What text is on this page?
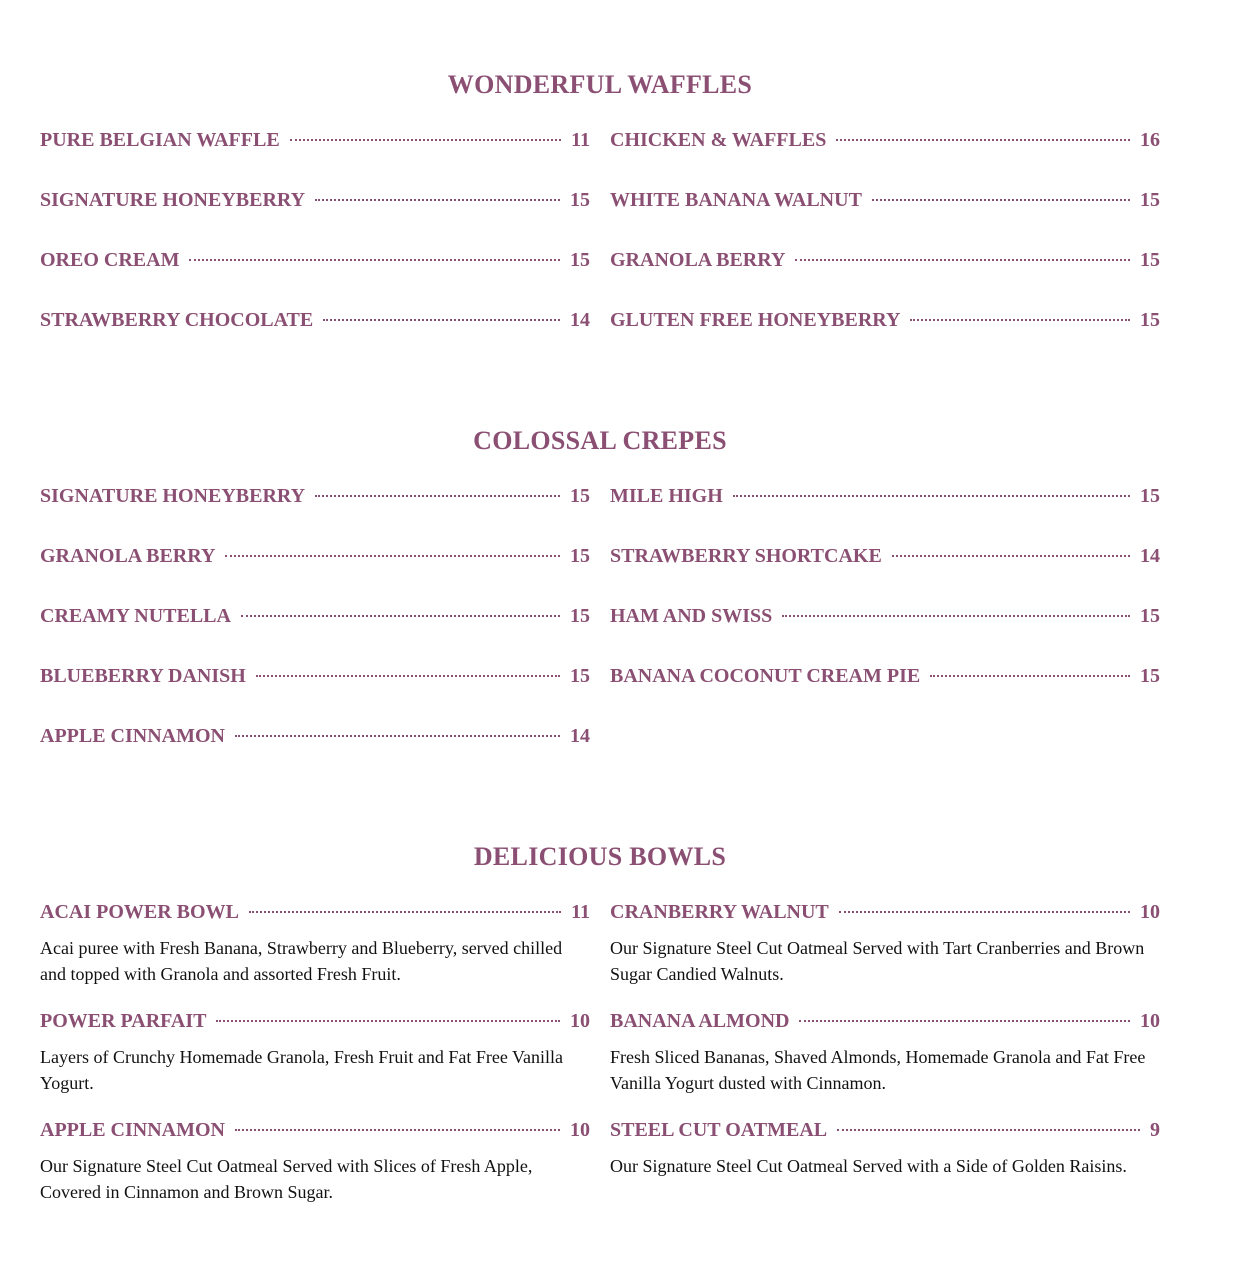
WONDERFUL WAFFLES
PURE BELGIAN WAFFLE	11 CHICKEN & WAFFLES	16
SIGNATURE HONEYBERRY	15 WHITE BANANA WALNUT	15
OREO CREAM	15 GRANOLA BERRY	15
STRAWBERRY CHOCOLATE	14 GLUTEN FREE HONEYBERRY	15
COLOSSAL CREPES
SIGNATURE HONEYBERRY	15 MILE HIGH	15
GRANOLA BERRY	15 STRAWBERRY SHORTCAKE	14
CREAMY NUTELLA	15 HAM AND SWISS	15
BLUEBERRY DANISH	15 BANANA COCONUT CREAM PIE	15
APPLE CINNAMON	14
DELICIOUS BOWLS
ACAI POWER BOWL	11
Acai puree with Fresh Banana, Strawberry and Blueberry, served chilled and topped with Granola and assorted Fresh Fruit.
CRANBERRY WALNUT	10
Our Signature Steel Cut Oatmeal Served with Tart Cranberries and Brown Sugar Candied Walnuts.
POWER PARFAIT	10
Layers of Crunchy Homemade Granola, Fresh Fruit and Fat Free Vanilla Yogurt.
BANANA ALMOND	10
Fresh Sliced Bananas, Shaved Almonds, Homemade Granola and Fat Free Vanilla Yogurt dusted with Cinnamon.
APPLE CINNAMON	10
Our Signature Steel Cut Oatmeal Served with Slices of Fresh Apple, Covered in Cinnamon and Brown Sugar.
STEEL CUT OATMEAL	9
Our Signature Steel Cut Oatmeal Served with a Side of Golden Raisins.
